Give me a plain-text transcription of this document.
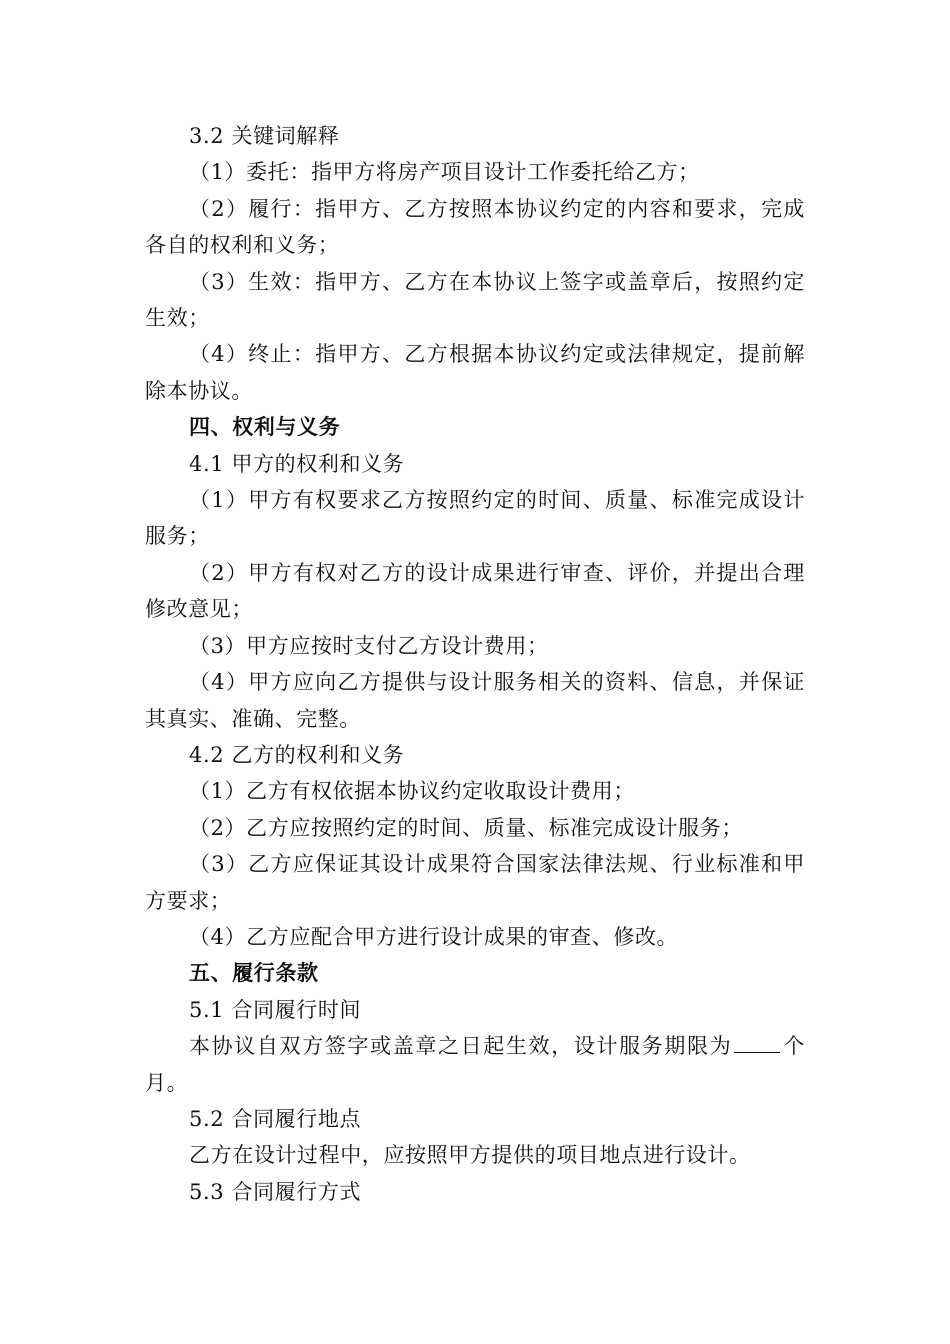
3.2 关键词解释

（1）委托：指甲方将房产项目设计工作委托给乙方；

（2）履行：指甲方、乙方按照本协议约定的内容和要求，完成各自的权利和义务；

（3）生效：指甲方、乙方在本协议上签字或盖章后，按照约定生效；

（4）终止：指甲方、乙方根据本协议约定或法律规定，提前解除本协议。

四、权利与义务

4.1 甲方的权利和义务

（1）甲方有权要求乙方按照约定的时间、质量、标准完成设计服务；

（2）甲方有权对乙方的设计成果进行审查、评价，并提出合理修改意见；

（3）甲方应按时支付乙方设计费用；

（4）甲方应向乙方提供与设计服务相关的资料、信息，并保证其真实、准确、完整。

4.2 乙方的权利和义务

（1）乙方有权依据本协议约定收取设计费用；

（2）乙方应按照约定的时间、质量、标准完成设计服务；

（3）乙方应保证其设计成果符合国家法律法规、行业标准和甲方要求；

（4）乙方应配合甲方进行设计成果的审查、修改。

五、履行条款

5.1 合同履行时间

本协议自双方签字或盖章之日起生效，设计服务期限为 个月。

5.2 合同履行地点

乙方在设计过程中，应按照甲方提供的项目地点进行设计。

5.3 合同履行方式
